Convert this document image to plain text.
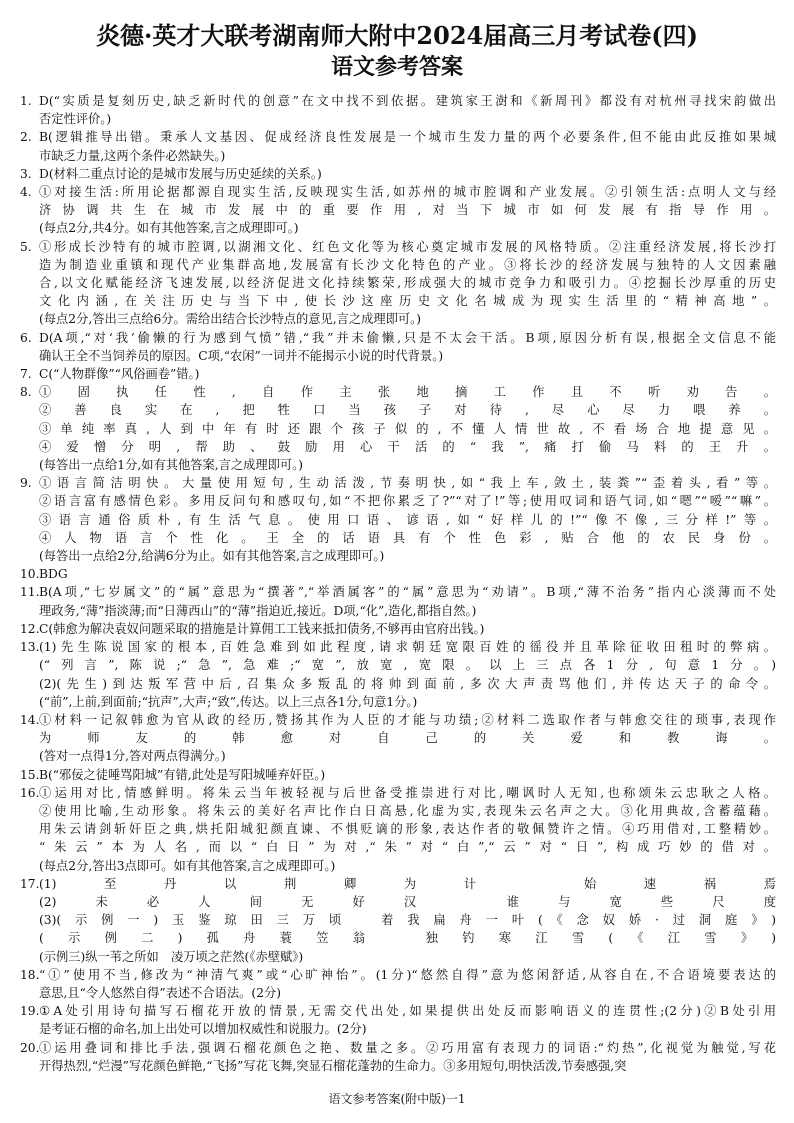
炎德·英才大联考湖南师大附中2024届高三月考试卷(四)
语文参考答案
1. D(“实质是复刻历史,缺乏新时代的创意”在文中找不到依据。建筑家王澍和《新周刊》都没有对杭州寻找宋韵做出
否定性评价。)
2. B(逻辑推导出错。秉承人文基因、促成经济良性发展是一个城市生发力量的两个必要条件,但不能由此反推如果城
市缺乏力量,这两个条件必然缺失。)
3. D(材料二重点讨论的是城市发展与历史延续的关系。)
4. ①对接生活:所用论据都源自现实生活,反映现实生活,如苏州的城市腔调和产业发展。②引领生活:点明人文与经
济协调共生在城市发展中的重要作用,对当下城市如何发展有指导作用。
(每点2分,共4分。如有其他答案,言之成理即可。)
5. ①形成长沙特有的城市腔调,以湖湘文化、红色文化等为核心奠定城市发展的风格特质。②注重经济发展,将长沙打
造为制造业重镇和现代产业集群高地,发展富有长沙文化特色的产业。③将长沙的经济发展与独特的人文因素融
合,以文化赋能经济飞速发展,以经济促进文化持续繁荣,形成强大的城市竞争力和吸引力。④挖掘长沙厚重的历史
文化内涵,在关注历史与当下中,使长沙这座历史文化名城成为现实生活里的“精神高地”。
(每点2分,答出三点给6分。需给出结合长沙特点的意见,言之成理即可。)
6. D(A项,“对‘我’偷懒的行为感到气愤”错,“我”并未偷懒,只是不太会干活。B项,原因分析有误,根据全文信息不能
确认王全不当饲养员的原因。C项,“农闲”一词并不能揭示小说的时代背景。)
7. C(“人物群像”“风俗画卷”错。)
8. ①固执任性,自作主张地摘工作且不听劝告。
②善良实在,把牲口当孩子对待,尽心尽力喂养。
③单纯率真,人到中年有时还跟个孩子似的,不懂人情世故,不看场合地提意见。
④爱憎分明,帮助、鼓励用心干活的“我”,痛打偷马料的王升。
(每答出一点给1分,如有其他答案,言之成理即可。)
9. ①语言简洁明快。大量使用短句,生动活泼,节奏明快,如“我上车,敛土,装粪”“歪着头,看”等。
②语言富有感情色彩。多用反问句和感叹句,如“不把你累乏了?”“对了!”等;使用叹词和语气词,如“嗯”“嗳”“嘛”。
③语言通俗质朴,有生活气息。使用口语、谚语,如“好样儿的!”“像不像,三分样!”等。
④人物语言个性化。王全的话语具有个性色彩,贴合他的农民身份。
(每答出一点给2分,给满6分为止。如有其他答案,言之成理即可。)
10. BDG
11. B(A项,“七岁属文”的“属”意思为“撰著”,“举酒属客”的“属”意思为“劝请”。B项,“薄不治务”指内心淡薄而不处
理政务,“薄”指淡薄;而“日薄西山”的“薄”指迫近,接近。D项,“化”,造化,都指自然。)
12. C(韩愈为解决袁奴问题采取的措施是计算佣工工钱来抵扣债务,不够再由官府出钱。)
13. (1)先生陈说国家的根本,百姓急难到如此程度,请求朝廷宽限百姓的徭役并且革除征收田租时的弊病。
(“列言”,陈说;“急”,急难;“宽”,放宽,宽限。以上三点各1分,句意1分。)
(2)(先生)到达叛军营中后,召集众多叛乱的将帅到面前,多次大声责骂他们,并传达天子的命令。
(“前”,上前,到面前;“抗声”,大声;“致”,传达。以上三点各1分,句意1分。)
14. ①材料一记叙韩愈为官从政的经历,赞扬其作为人臣的才能与功绩;②材料二选取作者与韩愈交往的琐事,表现作
为师友的韩愈对自己的关爱和教诲。
(答对一点得1分,答对两点得满分。)
15. B(“邪佞之徒唾骂阳城”有错,此处是写阳城唾弃奸臣。)
16. ①运用对比,情感鲜明。将朱云当年被轻视与后世备受推崇进行对比,嘲讽时人无知,也称颂朱云忠耿之人格。
②使用比喻,生动形象。将朱云的美好名声比作白日高悬,化虚为实,表现朱云名声之大。③化用典故,含蓄蕴藉。
用朱云请剑斩奸臣之典,烘托阳城犯颜直谏、不惧贬谪的形象,表达作者的敬佩赞许之情。④巧用借对,工整精妙。
“朱云”本为人名,而以“白日”为对,“朱”对“白”,“云”对“日”,构成巧妙的借对。
(每点2分,答出3点即可。如有其他答案,言之成理即可。)
17. (1)至丹以荆卿为计　始速祸焉
(2)未必人间无好汉　谁与宽些尺度
(3)(示例一)玉鉴琼田三万顷　着我扁舟一叶(《念奴娇·过洞庭》)
(示例二)孤舟蓑笠翁　独钓寒江雪(《江雪》)
(示例三)纵一苇之所如　凌万顷之茫然(《赤壁赋》)
18. “①”使用不当,修改为“神清气爽”或“心旷神怡”。(1分)“悠然自得”意为悠闲舒适,从容自在,不合语境要表达的
意思,且“令人悠然自得”表述不合语法。(2分)
19. ①A处引用诗句描写石榴花开放的情景,无需交代出处,如果提供出处反而影响语义的连贯性;(2分)②B处引用
是考证石榴的命名,加上出处可以增加权威性和说服力。(2分)
20. ①运用叠词和排比手法,强调石榴花颜色之艳、数量之多。②巧用富有表现力的词语:“灼热”,化视觉为触觉,写花
开得热烈,“烂漫”写花颜色鲜艳,“飞扬”写花飞舞,突显石榴花蓬勃的生命力。③多用短句,明快活泼,节奏感强,突
语文参考答案(附中版)一1
